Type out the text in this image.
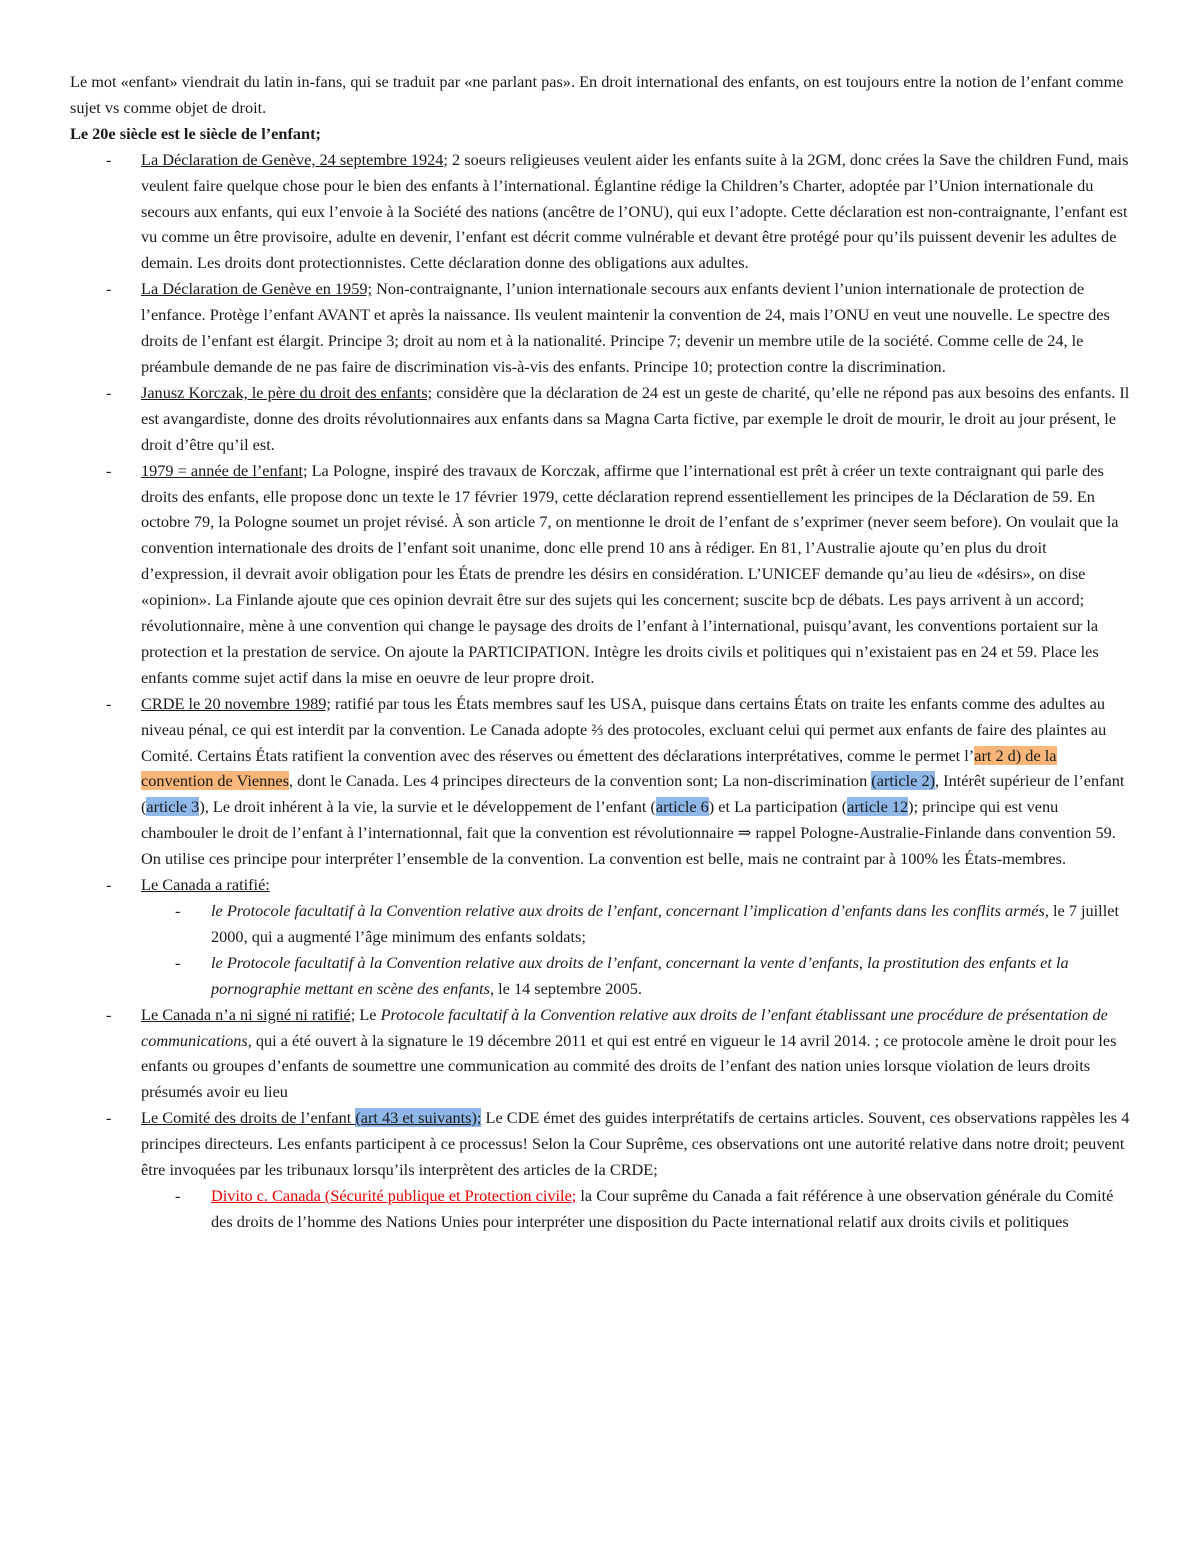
Le mot «enfant» viendrait du latin in-fans, qui se traduit par «ne parlant pas». En droit international des enfants, on est toujours entre la notion de l’enfant comme sujet vs comme objet de droit.

Le 20e siècle est le siècle de l’enfant;

- La Déclaration de Genève, 24 septembre 1924; 2 soeurs religieuses veulent aider les enfants suite à la 2GM, donc crées la Save the children Fund, mais veulent faire quelque chose pour le bien des enfants à l’international. Églantine rédige la Children’s Charter, adoptée par l’Union internationale du secours aux enfants, qui eux l’envoie à la Société des nations (ancêtre de l’ONU), qui eux l’adopte. Cette déclaration est non-contraignante, l’enfant est vu comme un être provisoire, adulte en devenir, l’enfant est décrit comme vulnérable et devant être protégé pour qu’ils puissent devenir les adultes de demain. Les droits dont protectionnistes. Cette déclaration donne des obligations aux adultes.
- La Déclaration de Genève en 1959; Non-contraignante, l’union internationale secours aux enfants devient l’union internationale de protection de l’enfance. Protège l’enfant AVANT et après la naissance. Ils veulent maintenir la convention de 24, mais l’ONU en veut une nouvelle. Le spectre des droits de l’enfant est élargit. Principe 3; droit au nom et à la nationalité. Principe 7; devenir un membre utile de la société. Comme celle de 24, le préambule demande de ne pas faire de discrimination vis-à-vis des enfants. Principe 10; protection contre la discrimination.
- Janusz Korczak, le père du droit des enfants; considère que la déclaration de 24 est un geste de charité, qu’elle ne répond pas aux besoins des enfants. Il est avangardiste, donne des droits révolutionnaires aux enfants dans sa Magna Carta fictive, par exemple le droit de mourir, le droit au jour présent, le droit d’être qu’il est.
- 1979 = année de l’enfant; La Pologne, inspiré des travaux de Korczak, affirme que l’international est prêt à créer un texte contraignant qui parle des droits des enfants, elle propose donc un texte le 17 février 1979, cette déclaration reprend essentiellement les principes de la Déclaration de 59. En octobre 79, la Pologne soumet un projet révisé. À son article 7, on mentionne le droit de l’enfant de s’exprimer (never seem before). On voulait que la convention internationale des droits de l’enfant soit unanime, donc elle prend 10 ans à rédiger. En 81, l’Australie ajoute qu’en plus du droit d’expression, il devrait avoir obligation pour les États de prendre les désirs en considération. L’UNICEF demande qu’au lieu de «désirs», on dise «opinion». La Finlande ajoute que ces opinion devrait être sur des sujets qui les concernent; suscite bcp de débats. Les pays arrivent à un accord; révolutionnaire, mène à une convention qui change le paysage des droits de l’enfant à l’international, puisqu’avant, les conventions portaient sur la protection et la prestation de service. On ajoute la PARTICIPATION. Intègre les droits civils et politiques qui n’existaient pas en 24 et 59. Place les enfants comme sujet actif dans la mise en oeuvre de leur propre droit.
- CRDE le 20 novembre 1989; ratifié par tous les États membres sauf les USA, puisque dans certains États on traite les enfants comme des adultes au niveau pénal, ce qui est interdit par la convention. Le Canada adopte ⅔ des protocoles, excluant celui qui permet aux enfants de faire des plaintes au Comité. Certains États ratifient la convention avec des réserves ou émettent des déclarations interprétatives, comme le permet l’art 2 d) de la convention de Viennes, dont le Canada. Les 4 principes directeurs de la convention sont; La non-discrimination (article 2), Intérêt supérieur de l’enfant (article 3), Le droit inhérent à la vie, la survie et le développement de l’enfant (article 6) et La participation (article 12); principe qui est venu chambouler le droit de l’enfant à l’internationnal, fait que la convention est révolutionnaire ⇒ rappel Pologne-Australie-Finlande dans convention 59. On utilise ces principe pour interpréter l’ensemble de la convention. La convention est belle, mais ne contraint par à 100% les États-membres.
- Le Canada a ratifié:
- le Protocole facultatif à la Convention relative aux droits de l’enfant, concernant l’implication d’enfants dans les conflits armés, le 7 juillet 2000, qui a augmenté l’âge minimum des enfants soldats;
- le Protocole facultatif à la Convention relative aux droits de l’enfant, concernant la vente d’enfants, la prostitution des enfants et la pornographie mettant en scène des enfants, le 14 septembre 2005.
- Le Canada n’a ni signé ni ratifié; Le Protocole facultatif à la Convention relative aux droits de l’enfant établissant une procédure de présentation de communications, qui a été ouvert à la signature le 19 décembre 2011 et qui est entré en vigueur le 14 avril 2014. ; ce protocole amène le droit pour les enfants ou groupes d’enfants de soumettre une communication au commité des droits de l’enfant des nation unies lorsque violation de leurs droits présumés avoir eu lieu
- Le Comité des droits de l’enfant (art 43 et suivants); Le CDE émet des guides interprétatifs de certains articles. Souvent, ces observations rappèles les 4 principes directeurs. Les enfants participent à ce processus! Selon la Cour Suprême, ces observations ont une autorité relative dans notre droit; peuvent être invoquées par les tribunaux lorsqu’ils interprètent des articles de la CRDE;
- Divito c. Canada (Sécurité publique et Protection civile; la Cour suprême du Canada a fait référence à une observation générale du Comité des droits de l’homme des Nations Unies pour interpréter une disposition du Pacte international relatif aux droits civils et politiques
